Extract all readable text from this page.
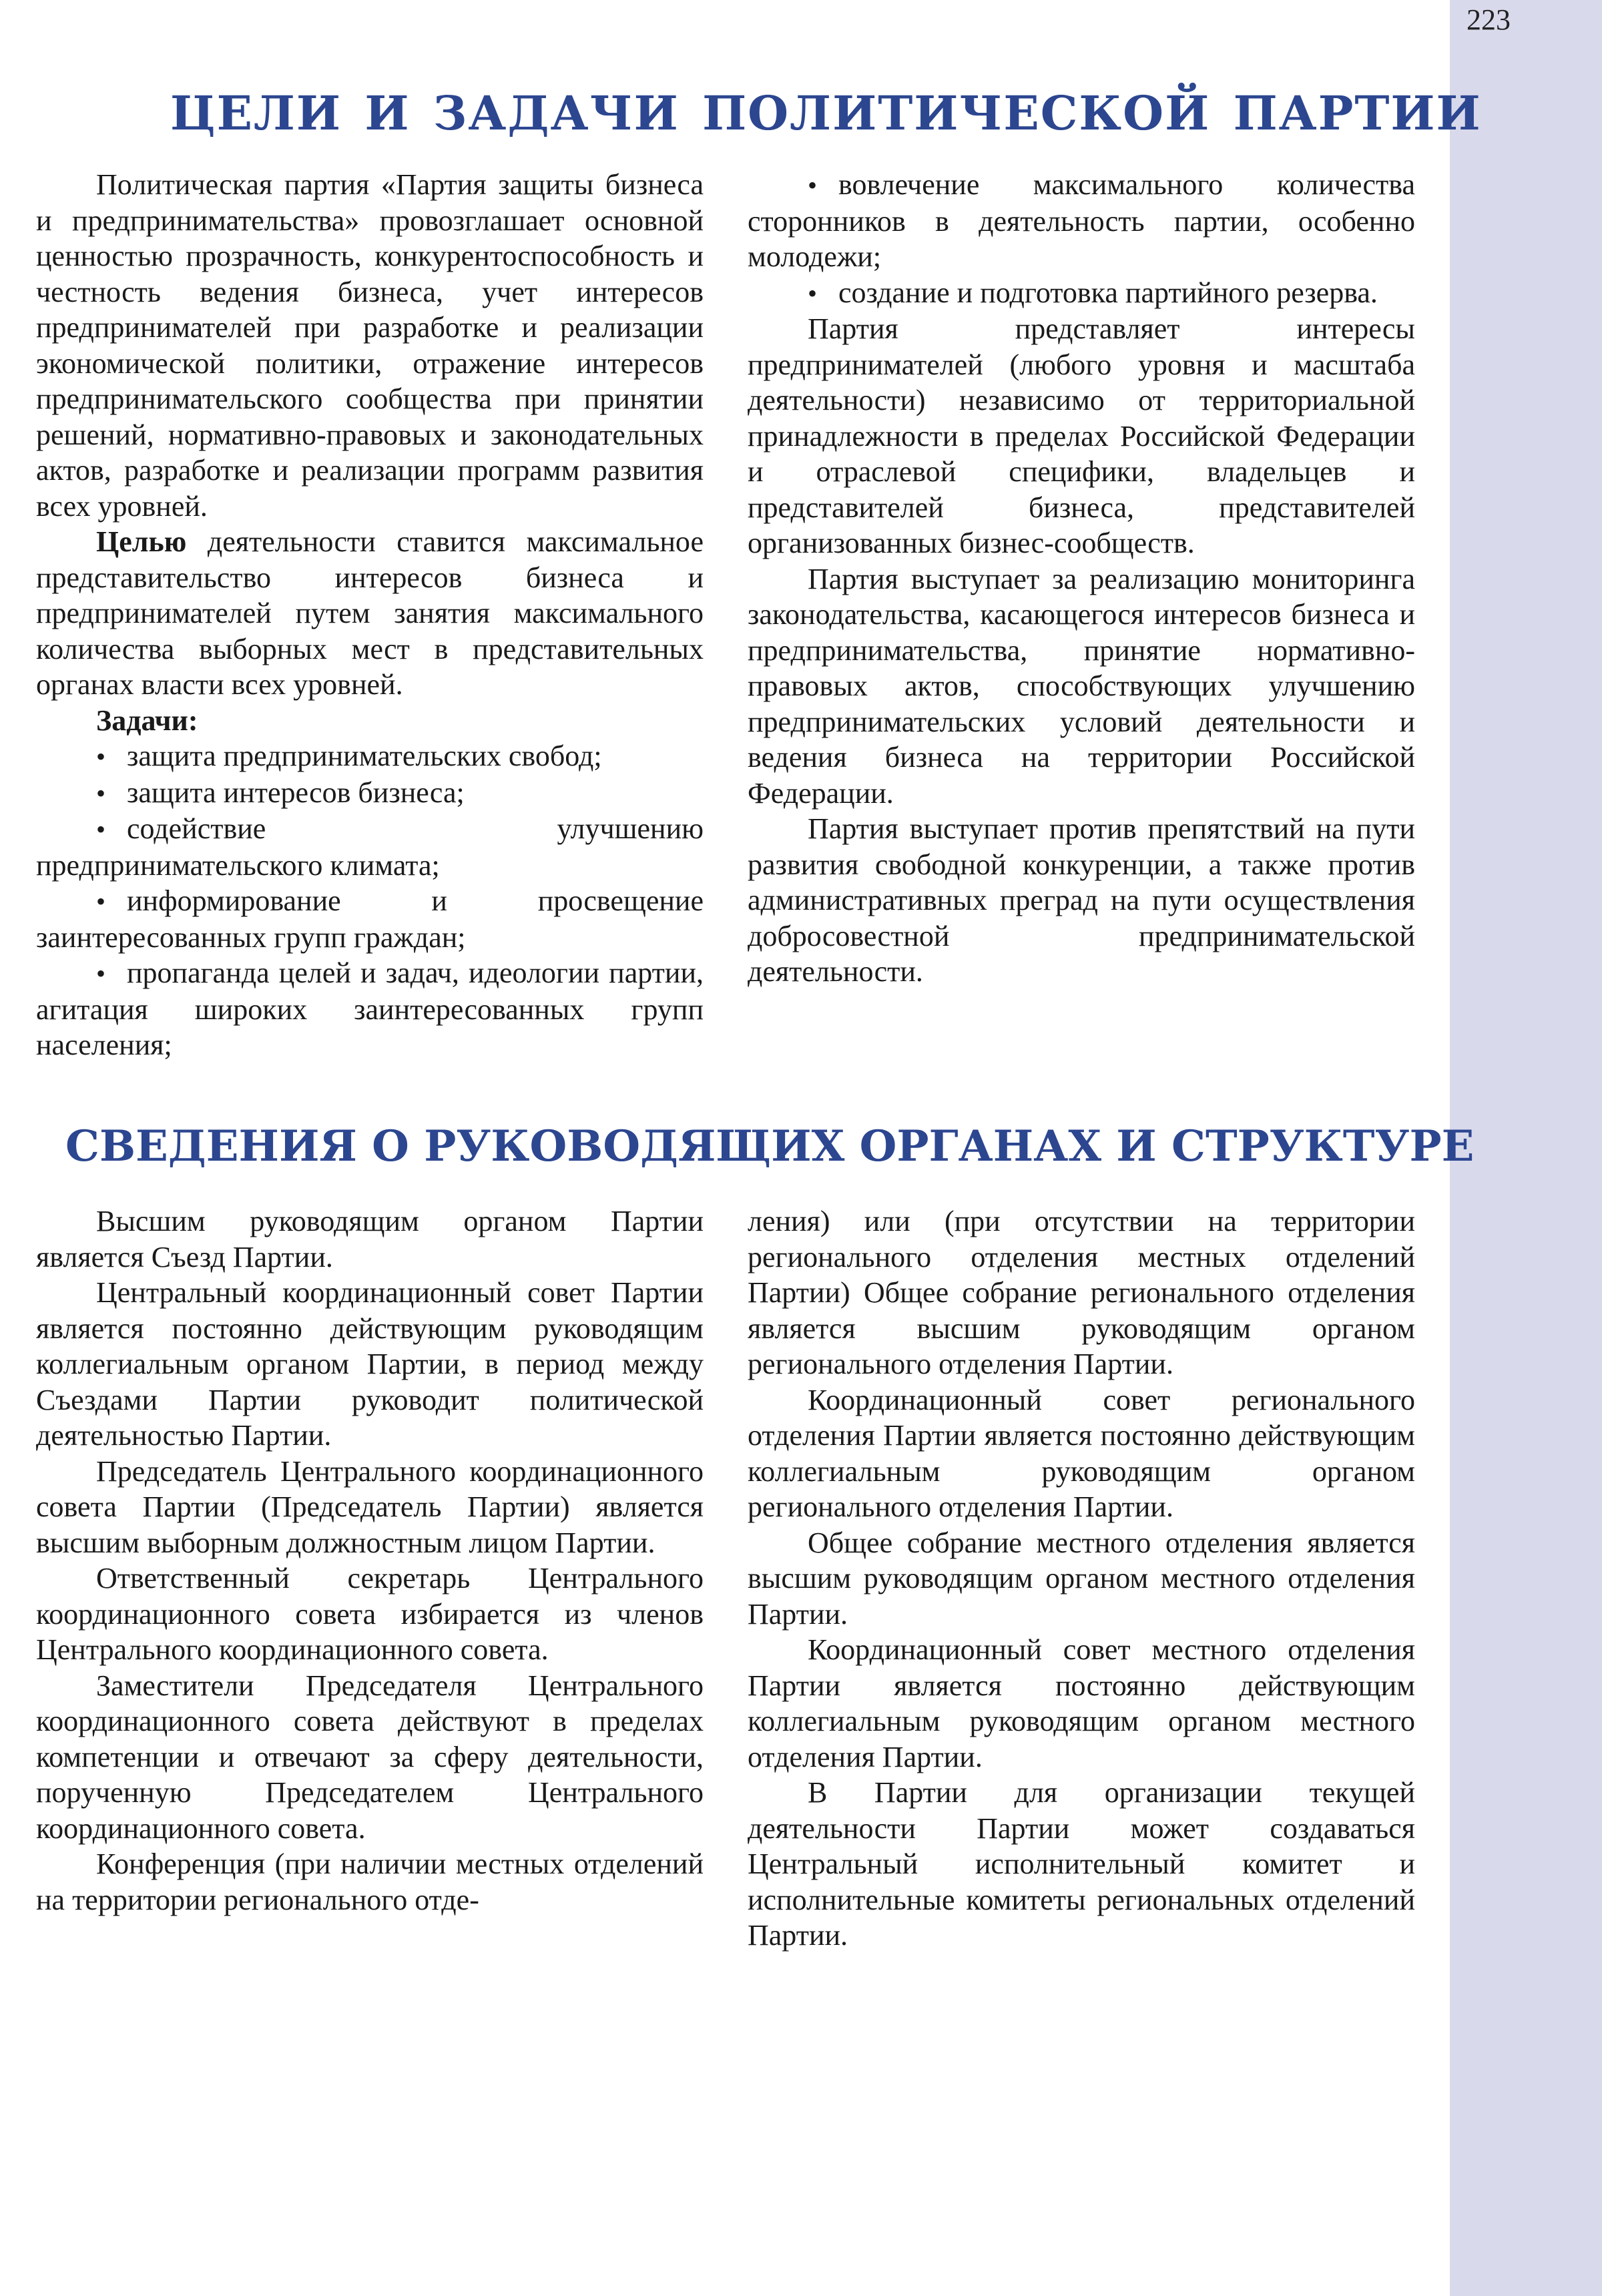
223
ЦЕЛИ И ЗАДАЧИ ПОЛИТИЧЕСКОЙ ПАРТИИ

Политическая партия «Партия защиты бизнеса и предпринимательства» провозглашает основной ценностью прозрачность, конкурентоспособность и честность ведения бизнеса, учет интересов предпринимателей при разработке и реализации экономической политики, отражение интересов предпринимательского сообщества при принятии решений, нормативно-правовых и законодательных актов, разработке и реализации программ развития всех уровней.

Целью деятельности ставится максимальное представительство интересов бизнеса и предпринимателей путем занятия максимального количества выборных мест в представительных органах власти всех уровней.

Задачи:

•защита предпринимательских свобод;

•защита интересов бизнеса;

•содействие улучшению предпринимательского климата;

•информирование и просвещение заинтересованных групп граждан;

•пропаганда целей и задач, идеологии партии, агитация широких заинтересованных групп населения;

•вовлечение максимального количества сторонников в деятельность партии, особенно молодежи;

•создание и подготовка партийного резерва.

Партия представляет интересы предпринимателей (любого уровня и масштаба деятельности) независимо от территориальной принадлежности в пределах Российской Федерации и отраслевой специфики, владельцев и представителей бизнеса, представителей организованных бизнес-сообществ.

Партия выступает за реализацию мониторинга законодательства, касающегося интересов бизнеса и предпринимательства, принятие нормативно-правовых актов, способствующих улучшению предпринимательских условий деятельности и ведения бизнеса на территории Российской Федерации.

Партия выступает против препятствий на пути развития свободной конкуренции, а также против административных преград на пути осуществления добросовестной предпринимательской деятельности.

СВЕДЕНИЯ О РУКОВОДЯЩИХ ОРГАНАХ И СТРУКТУРЕ

Высшим руководящим органом Партии является Съезд Партии.

Центральный координационный совет Партии является постоянно действующим руководящим коллегиальным органом Партии, в период между Съездами Партии руководит политической деятельностью Партии.

Председатель Центрального координационного совета Партии (Председатель Партии) является высшим выборным должностным лицом Партии.

Ответственный секретарь Центрального координационного совета избирается из членов Центрального координационного совета.

Заместители Председателя Центрального координационного совета действуют в пределах компетенции и отвечают за сферу деятельности, порученную Председателем Центрального координационного совета.

Конференция (при наличии местных отделений на территории регионального отде-

ления) или (при отсутствии на территории регионального отделения местных отделений Партии) Общее собрание регионального отделения является высшим руководящим органом регионального отделения Партии.

Координационный совет регионального отделения Партии является постоянно действующим коллегиальным руководящим органом регионального отделения Партии.

Общее собрание местного отделения является высшим руководящим органом местного отделения Партии.

Координационный совет местного отделения Партии является постоянно действующим коллегиальным руководящим органом местного отделения Партии.

В Партии для организации текущей деятельности Партии может создаваться Центральный исполнительный комитет и исполнительные комитеты региональных отделений Партии.
